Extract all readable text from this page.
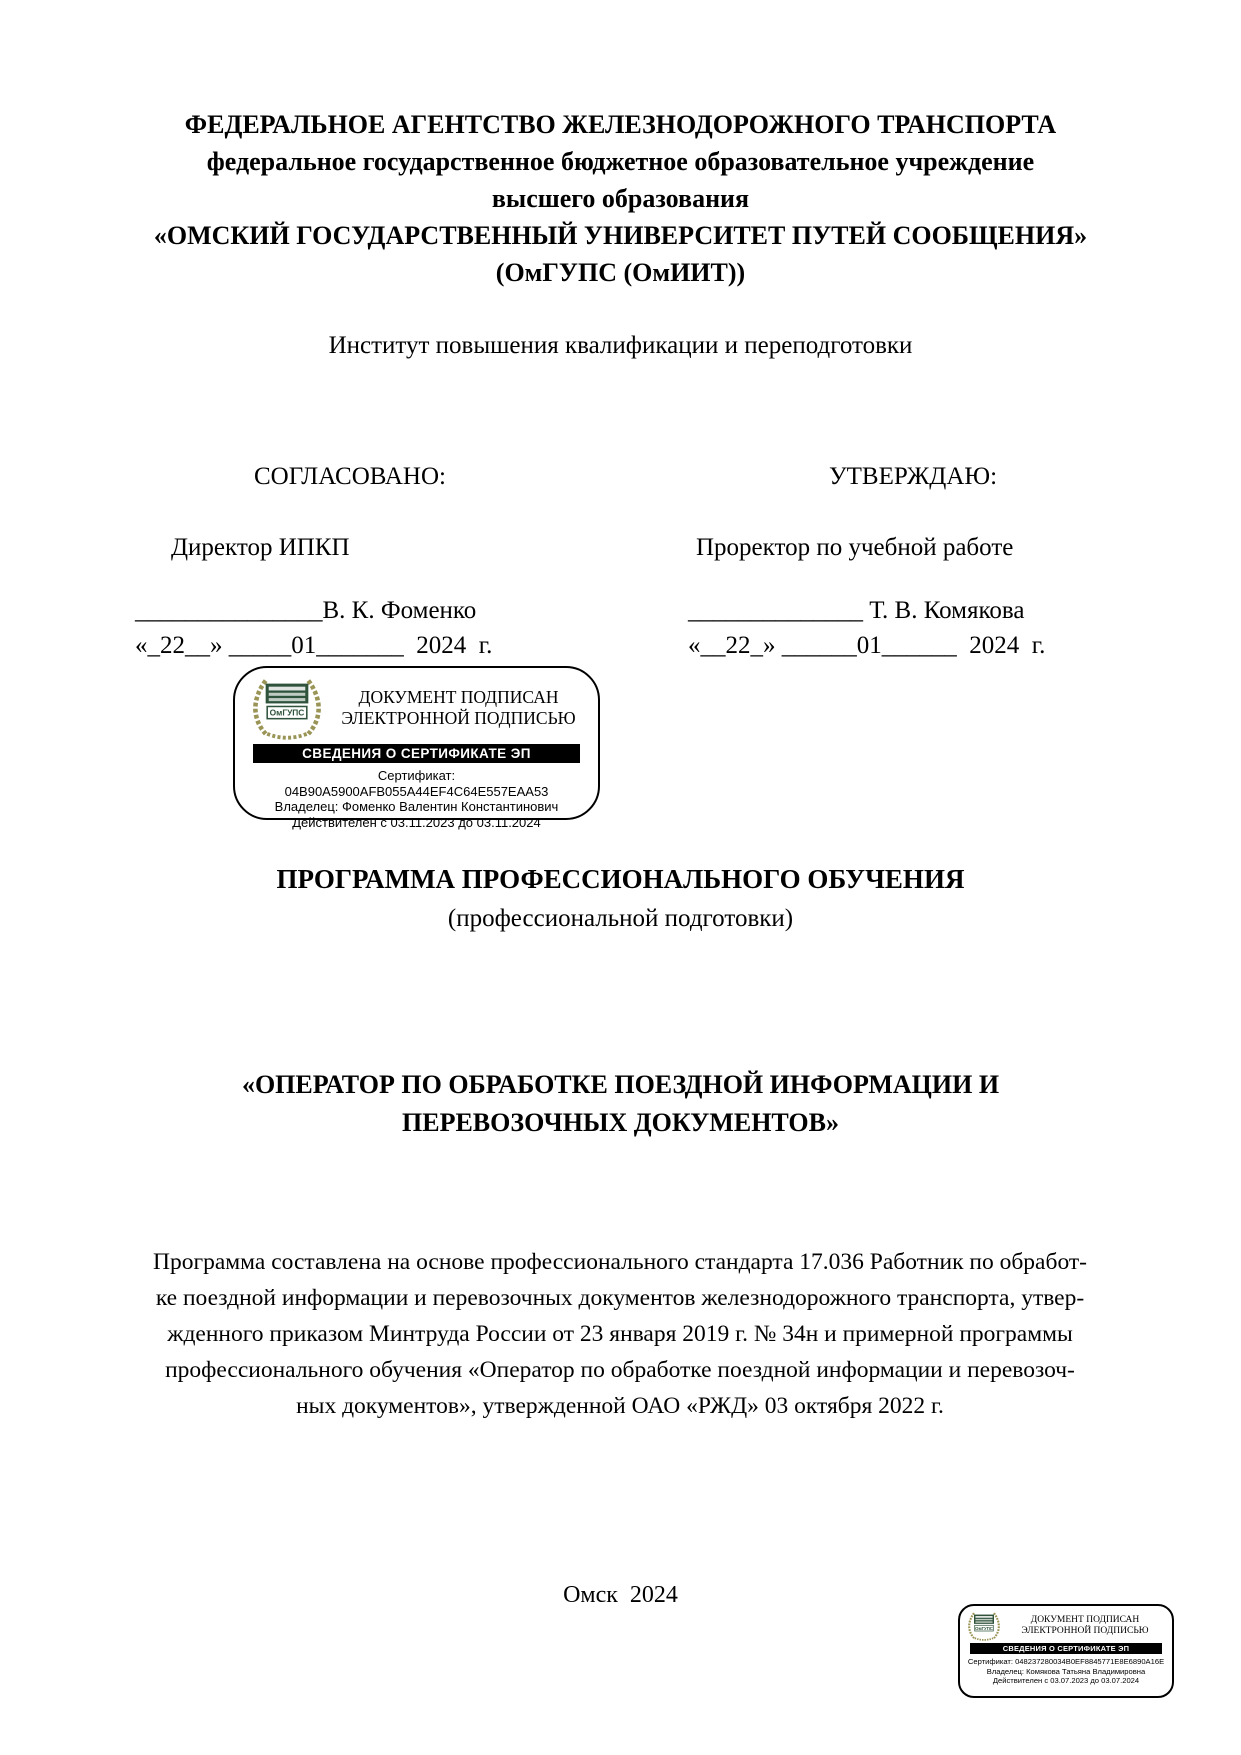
ФЕДЕРАЛЬНОЕ АГЕНТСТВО ЖЕЛЕЗНОДОРОЖНОГО ТРАНСПОРТА
федеральное государственное бюджетное образовательное учреждение
высшего образования
«ОМСКИЙ ГОСУДАРСТВЕННЫЙ УНИВЕРСИТЕТ ПУТЕЙ СООБЩЕНИЯ»
(ОмГУПС (ОмИИТ))
Институт повышения квалификации и переподготовки
СОГЛАСОВАНО:
Директор ИПКП
_______________В. К. Фоменко
«_22__» _____01_______  2024  г.
УТВЕРЖДАЮ:
Проректор по учебной работе
______________ Т. В. Комякова
«__22_» ______01______  2024  г.
ОмГУПС
ДОКУМЕНТ ПОДПИСАН
ЭЛЕКТРОННОЙ ПОДПИСЬЮ
СВЕДЕНИЯ О СЕРТИФИКАТЕ ЭП
Сертификат:
04B90A5900AFB055A44EF4C64E557EAA53
Владелец: Фоменко Валентин Константинович
Действителен с 03.11.2023 до 03.11.2024
ПРОГРАММА ПРОФЕССИОНАЛЬНОГО ОБУЧЕНИЯ
(профессиональной подготовки)
«ОПЕРАТОР ПО ОБРАБОТКЕ ПОЕЗДНОЙ ИНФОРМАЦИИ И
ПЕРЕВОЗОЧНЫХ ДОКУМЕНТОВ»
Программа составлена на основе профессионального стандарта 17.036 Работник по обработ-
ке поездной информации и перевозочных документов железнодорожного транспорта, утвер-
жденного приказом Минтруда России от 23 января 2019 г. № 34н и примерной программы
профессионального обучения «Оператор по обработке поездной информации и перевозоч-
ных документов», утвержденной ОАО «РЖД» 03 октября 2022 г.
Омск  2024
ОмГУПС
ДОКУМЕНТ ПОДПИСАН
ЭЛЕКТРОННОЙ ПОДПИСЬЮ
СВЕДЕНИЯ О СЕРТИФИКАТЕ ЭП
Сертификат: 048237280034B0EF8845771E8E6890A16E
Владелец: Комякова Татьяна Владимировна
Действителен с 03.07.2023 до 03.07.2024
